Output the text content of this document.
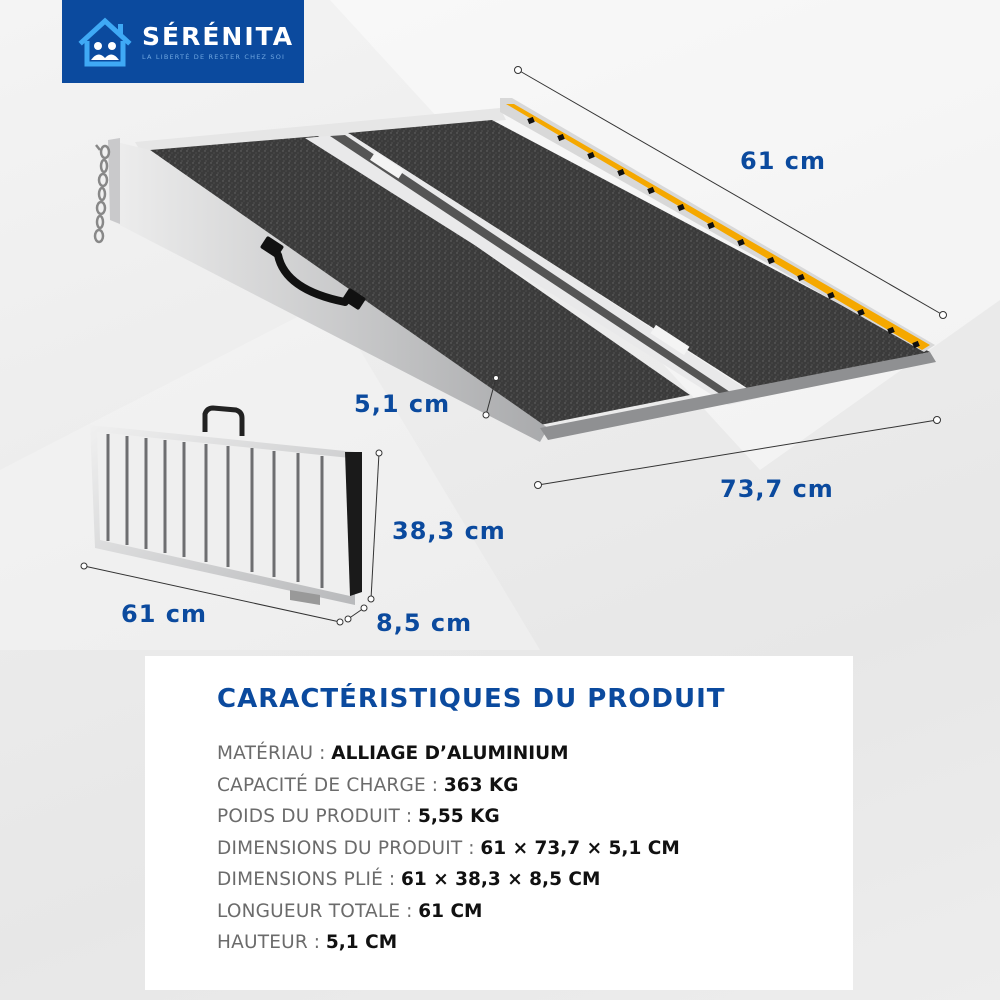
SÉRÉNITA
LA LIBERTÉ DE RESTER CHEZ SOI
61 cm
5,1 cm
73,7 cm
38,3 cm
61 cm	8,5 cm
CARACTÉRISTIQUES DU PRODUIT
MATÉRIAU : ALLIAGE D’ALUMINIUM
CAPACITÉ DE CHARGE : 363 KG
POIDS DU PRODUIT : 5,55 KG
DIMENSIONS DU PRODUIT : 61 × 73,7 × 5,1 CM
DIMENSIONS PLIÉ : 61 × 38,3 × 8,5 CM
LONGUEUR TOTALE : 61 CM
HAUTEUR : 5,1 CM
